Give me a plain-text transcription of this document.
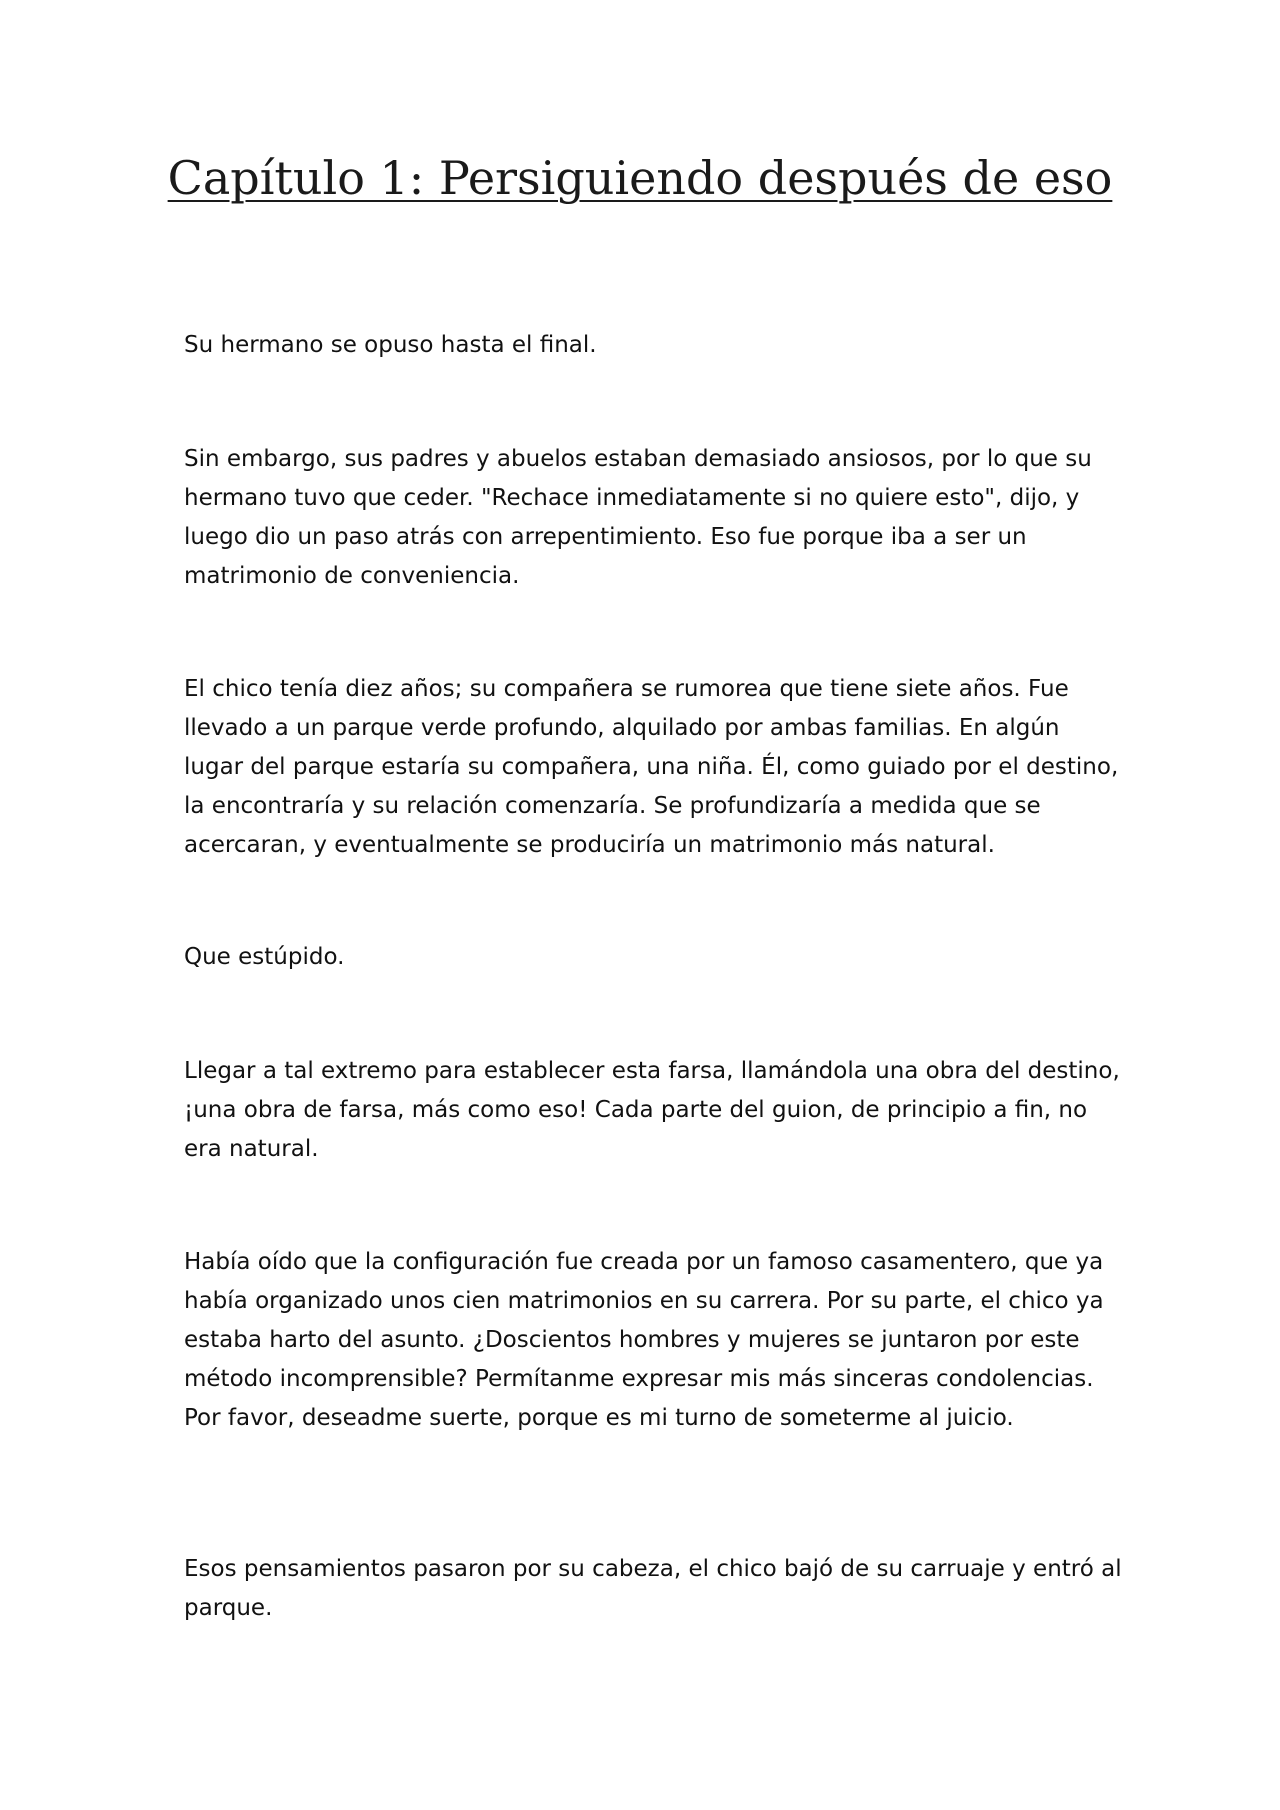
Capítulo 1: Persiguiendo después de eso

Su hermano se opuso hasta el final.

Sin embargo, sus padres y abuelos estaban demasiado ansiosos, por lo que su hermano tuvo que ceder. "Rechace inmediatamente si no quiere esto", dijo, y luego dio un paso atrás con arrepentimiento. Eso fue porque iba a ser un matrimonio de conveniencia.

El chico tenía diez años; su compañera se rumorea que tiene siete años. Fue llevado a un parque verde profundo, alquilado por ambas familias. En algún lugar del parque estaría su compañera, una niña. Él, como guiado por el destino, la encontraría y su relación comenzaría. Se profundizaría a medida que se acercaran, y eventualmente se produciría un matrimonio más natural.

Que estúpido.

Llegar a tal extremo para establecer esta farsa, llamándola una obra del destino, ¡una obra de farsa, más como eso! Cada parte del guion, de principio a fin, no era natural.

Había oído que la configuración fue creada por un famoso casamentero, que ya había organizado unos cien matrimonios en su carrera. Por su parte, el chico ya estaba harto del asunto. ¿Doscientos hombres y mujeres se juntaron por este método incomprensible? Permítanme expresar mis más sinceras condolencias. Por favor, deseadme suerte, porque es mi turno de someterme al juicio.

Esos pensamientos pasaron por su cabeza, el chico bajó de su carruaje y entró al parque.
